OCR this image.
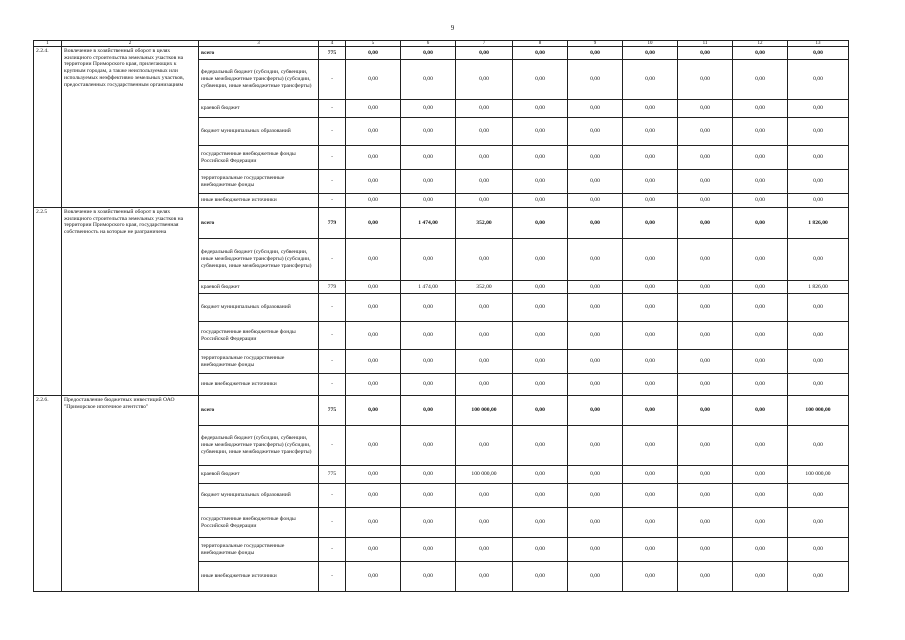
9
1	2	3	4	5	6	7	8	9	10	11	12	13
2.2.4.	Вовлечение в хозяйственный оборот в целях жилищного строительства земельных участков на территории Приморского края, прилегающих к крупным городам, а также неиспользуемых или используемых неэффективно земельных участков, предоставленных государственным организациям	всего	775	0,00	0,00	0,00	0,00	0,00	0,00	0,00	0,00	0,00
		федеральный бюджет (субсидии, субвенции, иные межбюджетные трансферты) (субсидии, субвенции, иные межбюджетные трансферты)	-	0,00	0,00	0,00	0,00	0,00	0,00	0,00	0,00	0,00
		краевой бюджет	-	0,00	0,00	0,00	0,00	0,00	0,00	0,00	0,00	0,00
		бюджет муниципальных образований	-	0,00	0,00	0,00	0,00	0,00	0,00	0,00	0,00	0,00
		государственные внебюджетные фонды Российской Федерации	-	0,00	0,00	0,00	0,00	0,00	0,00	0,00	0,00	0,00
		территориальные государственные внебюджетные фонды	-	0,00	0,00	0,00	0,00	0,00	0,00	0,00	0,00	0,00
		иные внебюджетные источники	-	0,00	0,00	0,00	0,00	0,00	0,00	0,00	0,00	0,00
2.2.5	Вовлечение в хозяйственный оборот в целях жилищного строительства земельных участков на территории Приморского края, государственная собственность на которые не разграничена	всего	779	0,00	1 474,00	352,00	0,00	0,00	0,00	0,00	0,00	1 826,00
		федеральный бюджет (субсидии, субвенции, иные межбюджетные трансферты) (субсидии, субвенции, иные межбюджетные трансферты)	-	0,00	0,00	0,00	0,00	0,00	0,00	0,00	0,00	0,00
		краевой бюджет	779	0,00	1 474,00	352,00	0,00	0,00	0,00	0,00	0,00	1 826,00
		бюджет муниципальных образований	-	0,00	0,00	0,00	0,00	0,00	0,00	0,00	0,00	0,00
		государственные внебюджетные фонды Российской Федерации	-	0,00	0,00	0,00	0,00	0,00	0,00	0,00	0,00	0,00
		территориальные государственные внебюджетные фонды	-	0,00	0,00	0,00	0,00	0,00	0,00	0,00	0,00	0,00
		иные внебюджетные источники	-	0,00	0,00	0,00	0,00	0,00	0,00	0,00	0,00	0,00
2.2.6.	Предоставление бюджетных инвестиций ОАО "Приморское ипотечное агентство"	всего	775	0,00	0,00	100 000,00	0,00	0,00	0,00	0,00	0,00	100 000,00
		федеральный бюджет (субсидии, субвенции, иные межбюджетные трансферты) (субсидии, субвенции, иные межбюджетные трансферты)	-	0,00	0,00	0,00	0,00	0,00	0,00	0,00	0,00	0,00
		краевой бюджет	775	0,00	0,00	100 000,00	0,00	0,00	0,00	0,00	0,00	100 000,00
		бюджет муниципальных образований	-	0,00	0,00	0,00	0,00	0,00	0,00	0,00	0,00	0,00
		государственные внебюджетные фонды Российской Федерации	-	0,00	0,00	0,00	0,00	0,00	0,00	0,00	0,00	0,00
		территориальные государственные внебюджетные фонды	-	0,00	0,00	0,00	0,00	0,00	0,00	0,00	0,00	0,00
		иные внебюджетные источники	-	0,00	0,00	0,00	0,00	0,00	0,00	0,00	0,00	0,00
